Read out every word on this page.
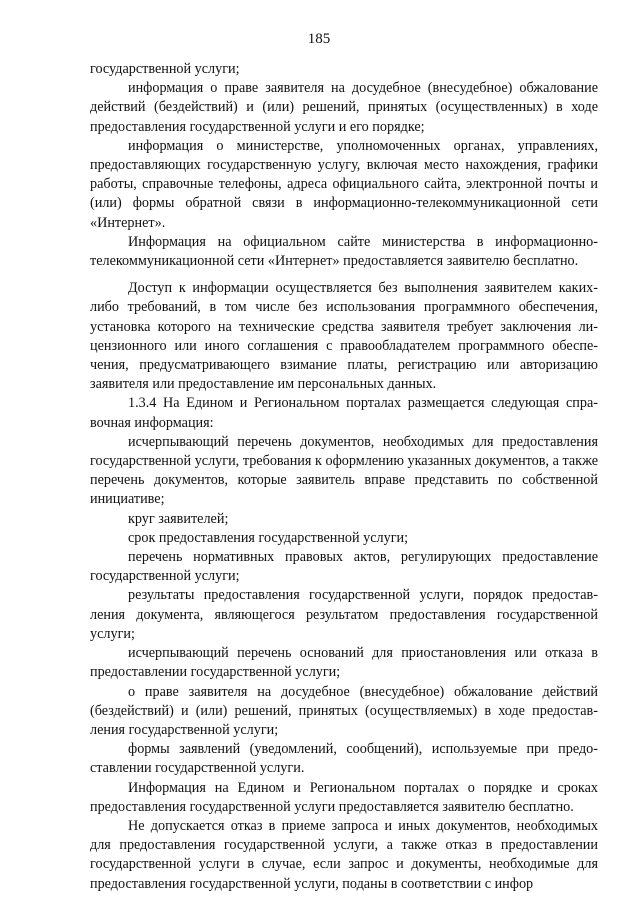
185

государственной услуги;

информация о праве заявителя на досудебное (внесудебное) обжалование действий (бездействий) и (или) решений, принятых (осуществленных) в ходе предоставления государственной услуги и его порядке;

информация о министерстве, уполномоченных органах, управлениях, предоставляющих государственную услугу, включая место нахождения, графики работы, справочные телефоны, адреса официального сайта, электронной почты и (или) формы обратной связи в информационно-телекоммуникационной сети «Интернет».

Информация на официальном сайте министерства в информационно-телекоммуникационной сети «Интернет» предоставляется заявителю бесплатно.

Доступ к информации осуществляется без выполнения заявителем каких-либо требований, в том числе без использования программного обеспечения, установка которого на технические средства заявителя требует заключения лицензионного или иного соглашения с правообладателем программного обеспечения, предусматривающего взимание платы, регистрацию или авторизацию заявителя или предоставление им персональных данных.

1.3.4 На Едином и Региональном порталах размещается следующая справочная информация:

исчерпывающий перечень документов, необходимых для предоставления государственной услуги, требования к оформлению указанных документов, а также перечень документов, которые заявитель вправе представить по собственной инициативе;

круг заявителей;

срок предоставления государственной услуги;

перечень нормативных правовых актов, регулирующих предоставление государственной услуги;

результаты предоставления государственной услуги, порядок предоставления документа, являющегося результатом предоставления государственной услуги;

исчерпывающий перечень оснований для приостановления или отказа в предоставлении государственной услуги;

о праве заявителя на досудебное (внесудебное) обжалование действий (бездействий) и (или) решений, принятых (осуществляемых) в ходе предоставления государственной услуги;

формы заявлений (уведомлений, сообщений), используемые при предоставлении государственной услуги.

Информация на Едином и Региональном порталах о порядке и сроках предоставления государственной услуги предоставляется заявителю бесплатно.

Не допускается отказ в приеме запроса и иных документов, необходимых для предоставления государственной услуги, а также отказ в предоставлении государственной услуги в случае, если запрос и документы, необходимые для предоставления государственной услуги, поданы в соответствии с инфор
